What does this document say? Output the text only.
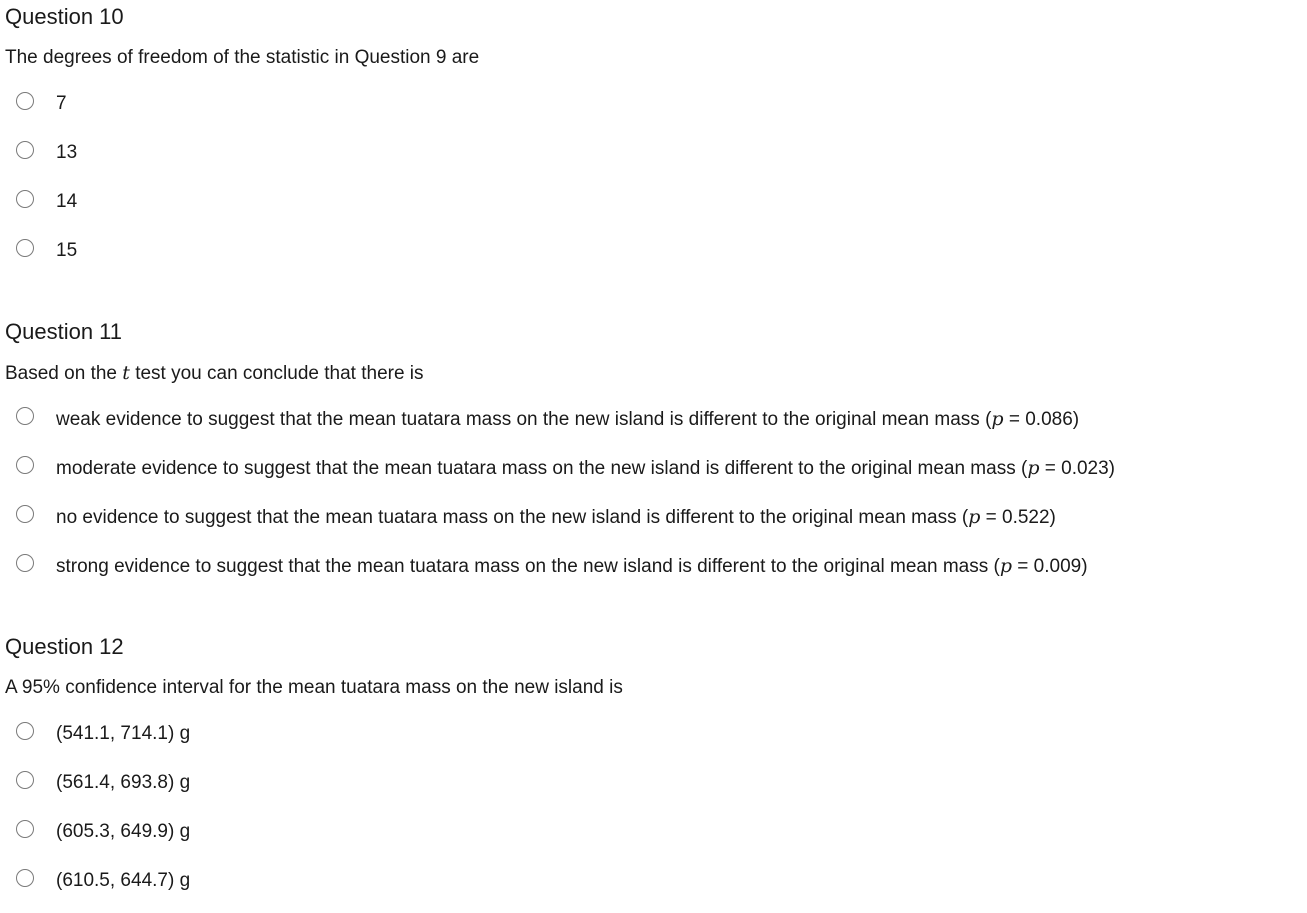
Question 10
The degrees of freedom of the statistic in Question 9 are
7
13
14
15
Question 11
Based on the t test you can conclude that there is
weak evidence to suggest that the mean tuatara mass on the new island is different to the original mean mass (p = 0.086)
moderate evidence to suggest that the mean tuatara mass on the new island is different to the original mean mass (p = 0.023)
no evidence to suggest that the mean tuatara mass on the new island is different to the original mean mass (p = 0.522)
strong evidence to suggest that the mean tuatara mass on the new island is different to the original mean mass (p = 0.009)
Question 12
A 95% confidence interval for the mean tuatara mass on the new island is
(541.1, 714.1) g
(561.4, 693.8) g
(605.3, 649.9) g
(610.5, 644.7) g
